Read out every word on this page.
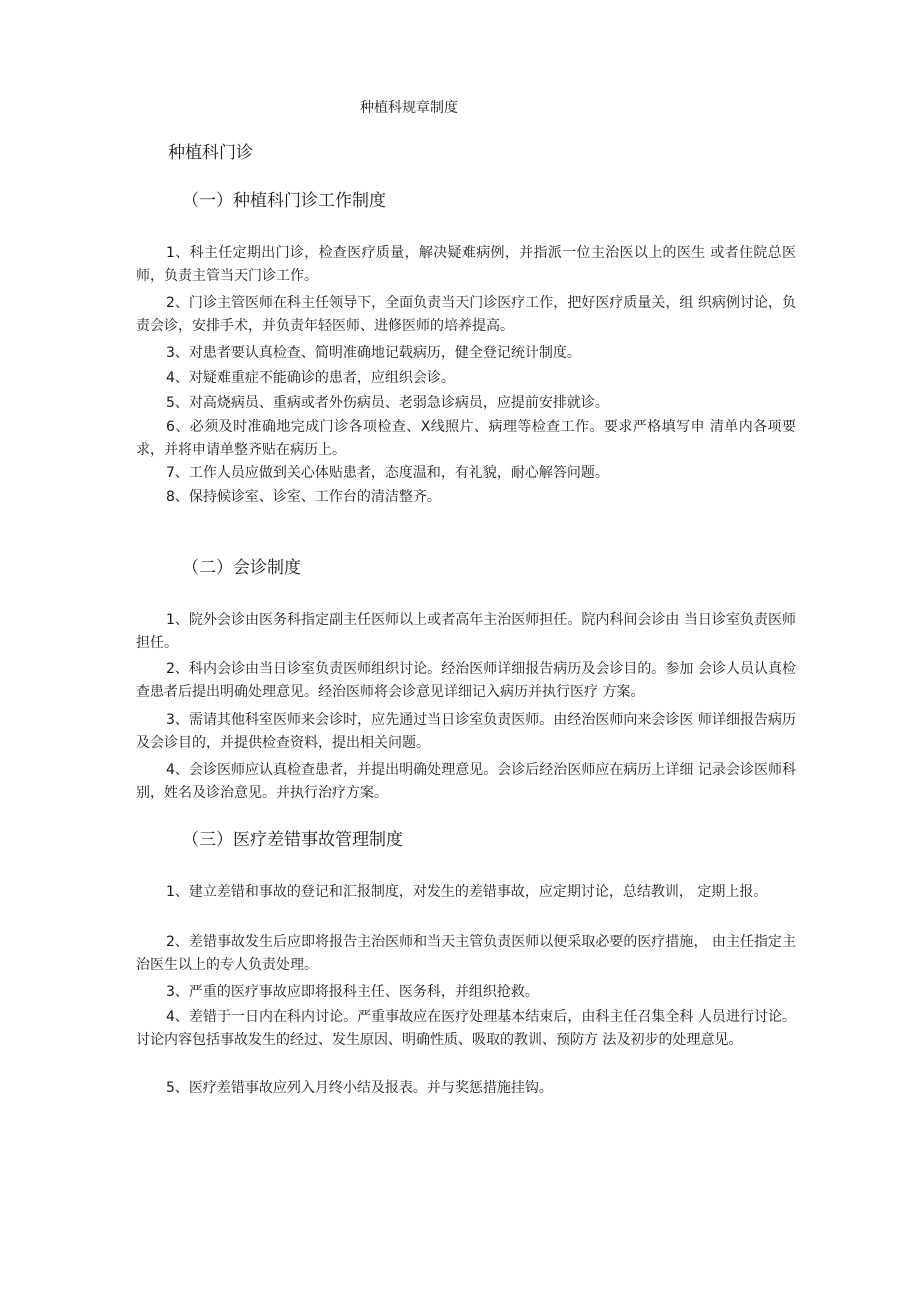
种植科规章制度
种植科门诊
（一）种植科门诊工作制度

1、科主任定期出门诊，检查医疗质量，解决疑难病例，并指派一位主治医以上的医生 或者住院总医师，负责主管当天门诊工作。

2、门诊主管医师在科主任领导下，全面负责当天门诊医疗工作，把好医疗质量关，组 织病例讨论，负责会诊，安排手术，并负责年轻医师、进修医师的培养提高。

3、对患者要认真检查、简明准确地记载病历，健全登记统计制度。

4、对疑难重症不能确诊的患者，应组织会诊。

5、对高烧病员、重病或者外伤病员、老弱急诊病员，应提前安排就诊。

6、必须及时准确地完成门诊各项检查、X线照片、病理等检查工作。要求严格填写申 清单内各项要求，并将申请单整齐贴在病历上。

7、工作人员应做到关心体贴患者，态度温和，有礼貌，耐心解答问题。

8、保持候诊室、诊室、工作台的清洁整齐。

（二）会诊制度

1、院外会诊由医务科指定副主任医师以上或者高年主治医师担任。院内科间会诊由 当日诊室负责医师担任。

2、科内会诊由当日诊室负责医师组织讨论。经治医师详细报告病历及会诊目的。参加 会诊人员认真检查患者后提出明确处理意见。经治医师将会诊意见详细记入病历并执行医疗 方案。

3、需请其他科室医师来会诊时，应先通过当日诊室负责医师。由经治医师向来会诊医 师详细报告病历及会诊目的，并提供检查资料，提出相关问题。

4、会诊医师应认真检查患者，并提出明确处理意见。会诊后经治医师应在病历上详细 记录会诊医师科别，姓名及诊治意见。并执行治疗方案。

（三）医疗差错事故管理制度

1、建立差错和事故的登记和汇报制度，对发生的差错事故，应定期讨论，总结教训， 定期上报。

2、差错事故发生后应即将报告主治医师和当天主管负责医师以便采取必要的医疗措施， 由主任指定主治医生以上的专人负责处理。

3、严重的医疗事故应即将报科主任、医务科，并组织抢救。

4、差错于一日内在科内讨论。严重事故应在医疗处理基本结束后，由科主任召集全科 人员进行讨论。讨论内容包括事故发生的经过、发生原因、明确性质、吸取的教训、预防方 法及初步的处理意见。

5、医疗差错事故应列入月终小结及报表。并与奖惩措施挂钩。
